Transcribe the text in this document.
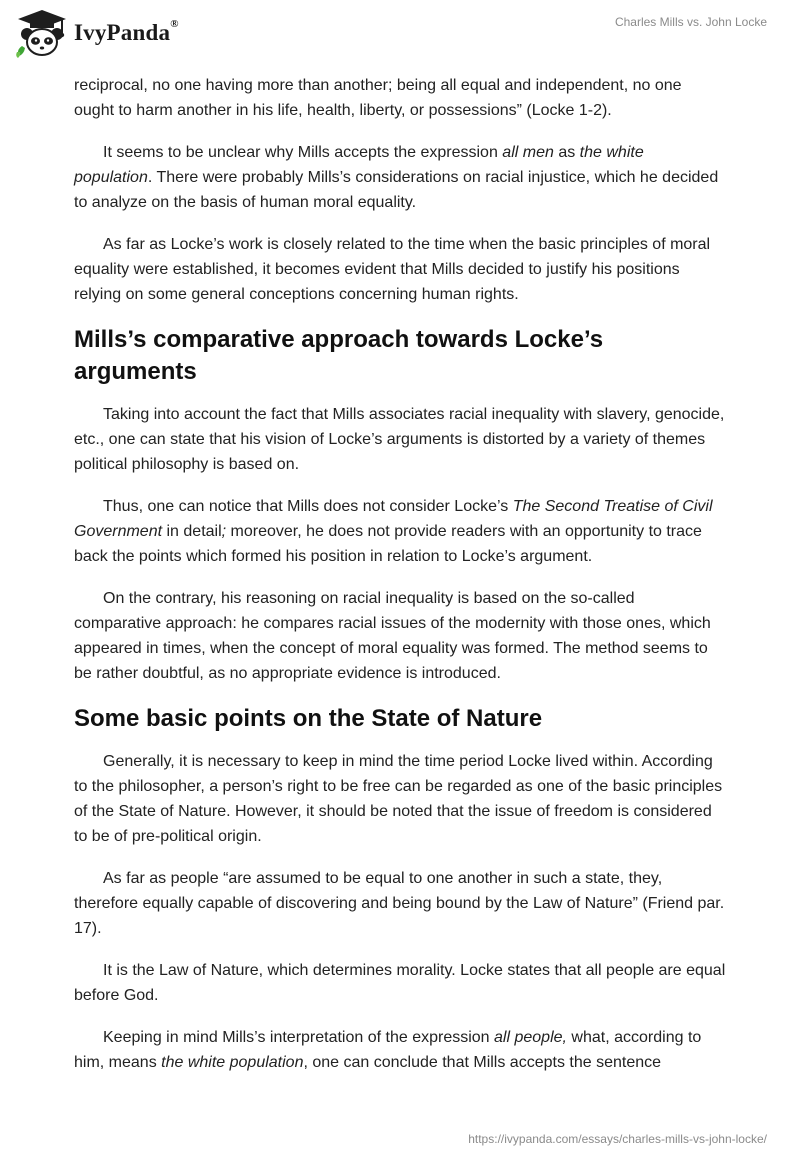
IvyPanda®	Charles Mills vs. John Locke

reciprocal, no one having more than another; being all equal and independent, no one ought to harm another in his life, health, liberty, or possessions” (Locke 1-2).

It seems to be unclear why Mills accepts the expression all men as the white population. There were probably Mills’s considerations on racial injustice, which he decided to analyze on the basis of human moral equality.

As far as Locke’s work is closely related to the time when the basic principles of moral equality were established, it becomes evident that Mills decided to justify his positions relying on some general conceptions concerning human rights.

Mills’s comparative approach towards Locke’s arguments

Taking into account the fact that Mills associates racial inequality with slavery, genocide, etc., one can state that his vision of Locke’s arguments is distorted by a variety of themes political philosophy is based on.

Thus, one can notice that Mills does not consider Locke’s The Second Treatise of Civil Government in detail; moreover, he does not provide readers with an opportunity to trace back the points which formed his position in relation to Locke’s argument.

On the contrary, his reasoning on racial inequality is based on the so-called comparative approach: he compares racial issues of the modernity with those ones, which appeared in times, when the concept of moral equality was formed. The method seems to be rather doubtful, as no appropriate evidence is introduced.

Some basic points on the State of Nature

Generally, it is necessary to keep in mind the time period Locke lived within. According to the philosopher, a person’s right to be free can be regarded as one of the basic principles of the State of Nature. However, it should be noted that the issue of freedom is considered to be of pre-political origin.

As far as people “are assumed to be equal to one another in such a state, they, therefore equally capable of discovering and being bound by the Law of Nature” (Friend par. 17).

It is the Law of Nature, which determines morality. Locke states that all people are equal before God.

Keeping in mind Mills’s interpretation of the expression all people, what, according to him, means the white population, one can conclude that Mills accepts the sentence

https://ivypanda.com/essays/charles-mills-vs-john-locke/
